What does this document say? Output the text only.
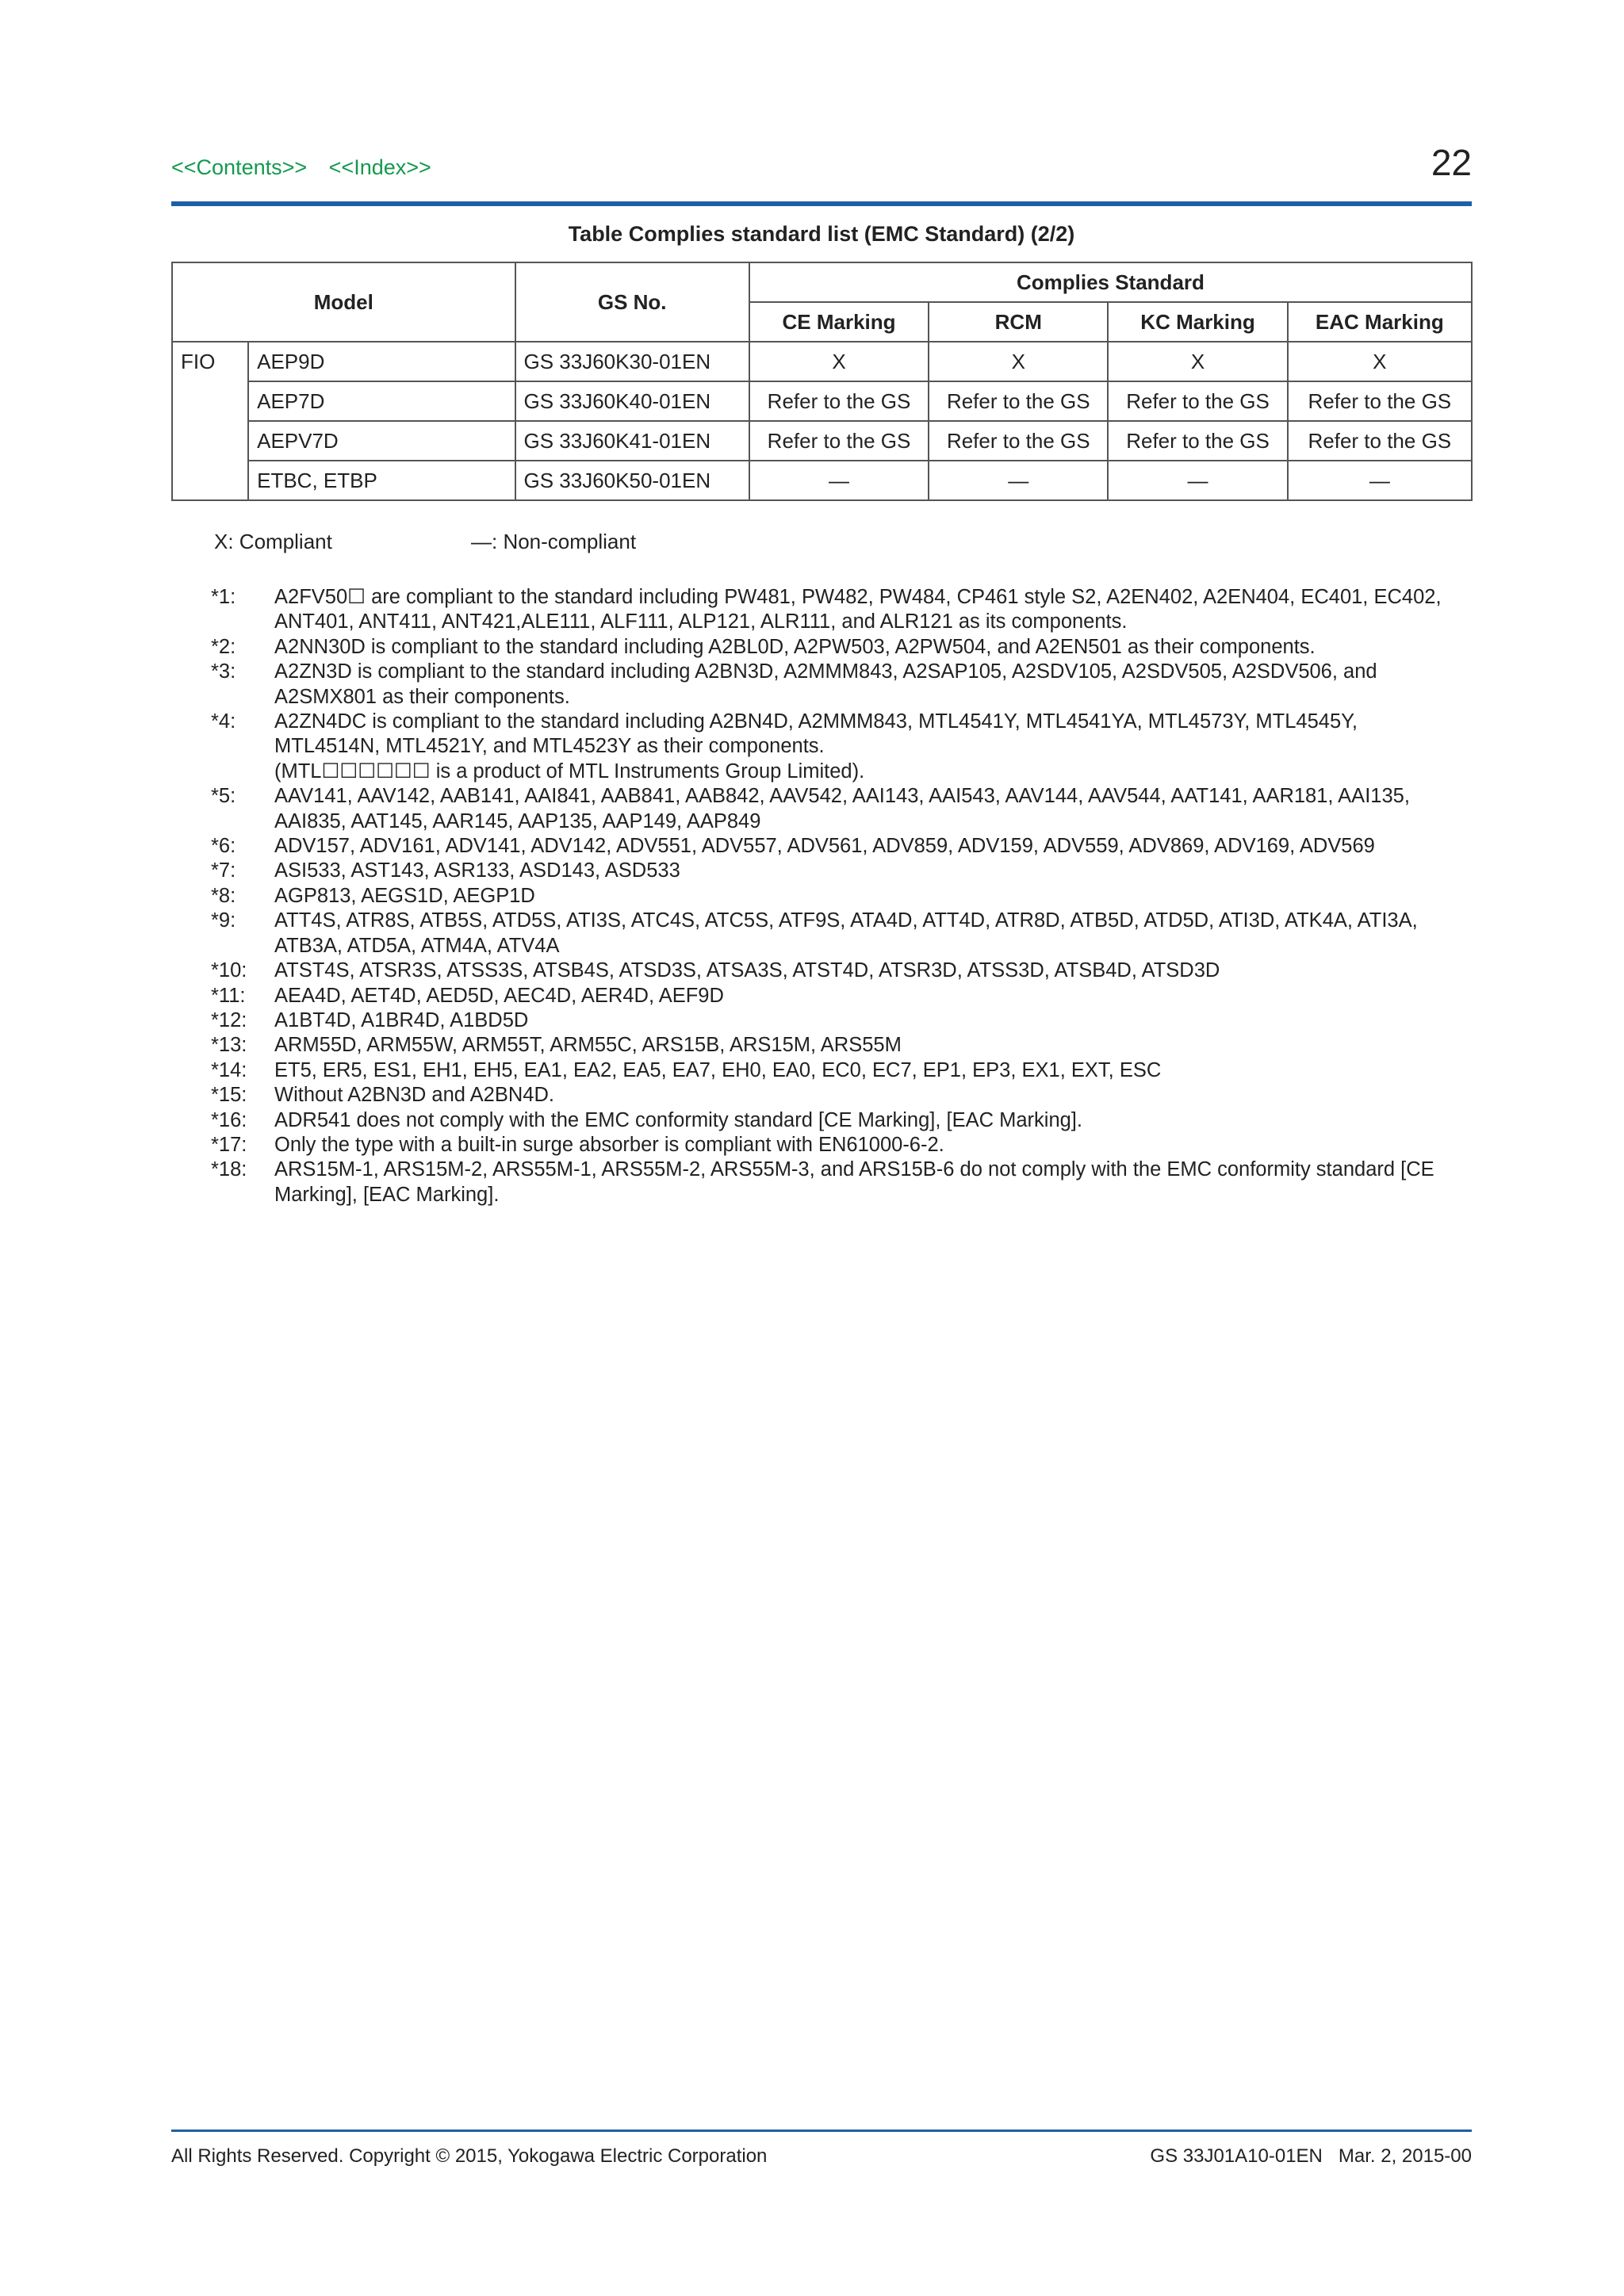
<<Contents>> <<Index>>	22
Table Complies standard list (EMC Standard) (2/2)
Model		GS No.	Complies Standard			
			CE Marking	RCM	KC Marking	EAC Marking
FIO	AEP9D	GS 33J60K30-01EN	X	X	X	X
	AEP7D	GS 33J60K40-01EN	Refer to the GS	Refer to the GS	Refer to the GS	Refer to the GS
	AEPV7D	GS 33J60K41-01EN	Refer to the GS	Refer to the GS	Refer to the GS	Refer to the GS
	ETBC, ETBP	GS 33J60K50-01EN	—	—	—	—
X: Compliant	—: Non-compliant
*1:	A2FV50☐ are compliant to the standard including PW481, PW482, PW484, CP461 style S2, A2EN402, A2EN404, EC401, EC402, ANT401, ANT411, ANT421,ALE111, ALF111, ALP121, ALR111, and ALR121 as its components.
*2:	A2NN30D is compliant to the standard including A2BL0D, A2PW503, A2PW504, and A2EN501 as their components.
*3:	A2ZN3D is compliant to the standard including A2BN3D, A2MMM843, A2SAP105, A2SDV105, A2SDV505, A2SDV506, and A2SMX801 as their components.
*4:	A2ZN4DC is compliant to the standard including A2BN4D, A2MMM843, MTL4541Y, MTL4541YA, MTL4573Y, MTL4545Y, MTL4514N, MTL4521Y, and MTL4523Y as their components.
(MTL☐☐☐☐☐☐ is a product of MTL Instruments Group Limited).
*5:	AAV141, AAV142, AAB141, AAI841, AAB841, AAB842, AAV542, AAI143, AAI543, AAV144, AAV544, AAT141, AAR181, AAI135, AAI835, AAT145, AAR145, AAP135, AAP149, AAP849
*6:	ADV157, ADV161, ADV141, ADV142, ADV551, ADV557, ADV561, ADV859, ADV159, ADV559, ADV869, ADV169, ADV569
*7:	ASI533, AST143, ASR133, ASD143, ASD533
*8:	AGP813, AEGS1D, AEGP1D
*9:	ATT4S, ATR8S, ATB5S, ATD5S, ATI3S, ATC4S, ATC5S, ATF9S, ATA4D, ATT4D, ATR8D, ATB5D, ATD5D, ATI3D, ATK4A, ATI3A, ATB3A, ATD5A, ATM4A, ATV4A
*10:	ATST4S, ATSR3S, ATSS3S, ATSB4S, ATSD3S, ATSA3S, ATST4D, ATSR3D, ATSS3D, ATSB4D, ATSD3D
*11:	AEA4D, AET4D, AED5D, AEC4D, AER4D, AEF9D
*12:	A1BT4D, A1BR4D, A1BD5D
*13:	ARM55D, ARM55W, ARM55T, ARM55C, ARS15B, ARS15M, ARS55M
*14:	ET5, ER5, ES1, EH1, EH5, EA1, EA2, EA5, EA7, EH0, EA0, EC0, EC7, EP1, EP3, EX1, EXT, ESC
*15:	Without A2BN3D and A2BN4D.
*16:	ADR541 does not comply with the EMC conformity standard [CE Marking], [EAC Marking].
*17:	Only the type with a built-in surge absorber is compliant with EN61000-6-2.
*18:	ARS15M-1, ARS15M-2, ARS55M-1, ARS55M-2, ARS55M-3, and ARS15B-6 do not comply with the EMC conformity standard [CE Marking], [EAC Marking].
All Rights Reserved. Copyright © 2015, Yokogawa Electric Corporation	GS 33J01A10-01EN   Mar. 2, 2015-00
